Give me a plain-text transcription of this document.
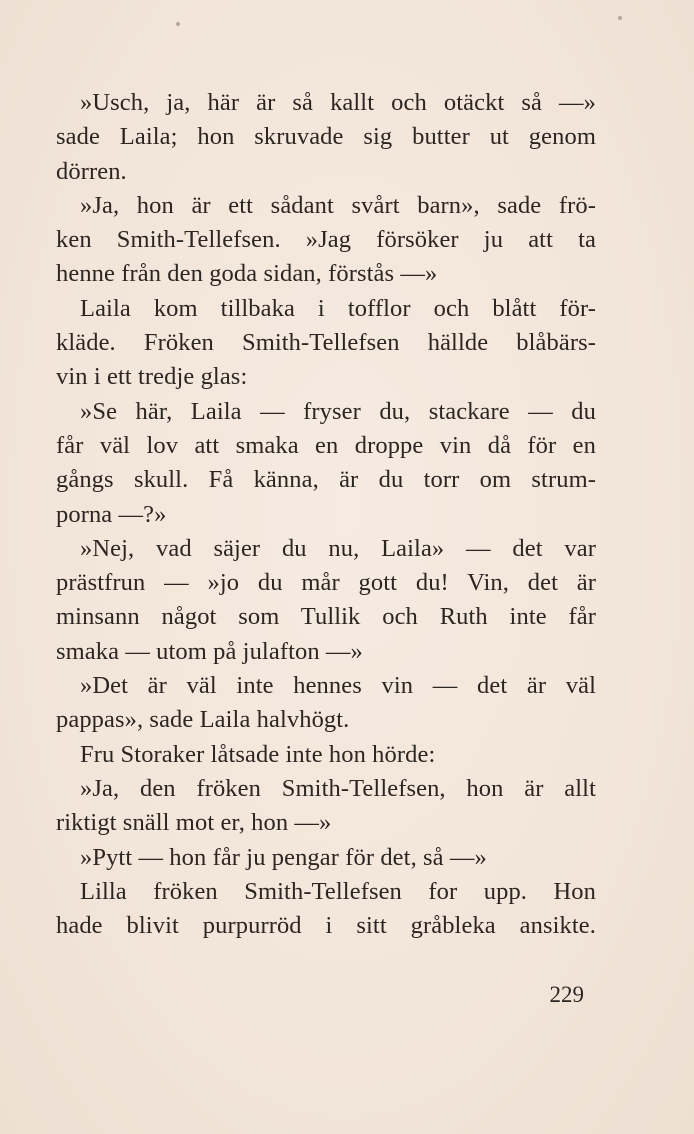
»Usch, ja, här är så kallt och otäckt så —»
sade Laila; hon skruvade sig butter ut genom
dörren.
»Ja, hon är ett sådant svårt barn», sade frö-
ken Smith-Tellefsen. »Jag försöker ju att ta
henne från den goda sidan, förstås —»
Laila kom tillbaka i tofflor och blått för-
kläde. Fröken Smith-Tellefsen hällde blåbärs-
vin i ett tredje glas:
»Se här, Laila — fryser du, stackare — du
får väl lov att smaka en droppe vin då för en
gångs skull. Få känna, är du torr om strum-
porna —?»
»Nej, vad säjer du nu, Laila» — det var
prästfrun — »jo du mår gott du! Vin, det är
minsann något som Tullik och Ruth inte får
smaka — utom på julafton —»
»Det är väl inte hennes vin — det är väl
pappas», sade Laila halvhögt.
Fru Storaker låtsade inte hon hörde:
»Ja, den fröken Smith-Tellefsen, hon är allt
riktigt snäll mot er, hon —»
»Pytt — hon får ju pengar för det, så —»
Lilla fröken Smith-Tellefsen for upp. Hon
hade blivit purpurröd i sitt gråbleka ansikte.
229
